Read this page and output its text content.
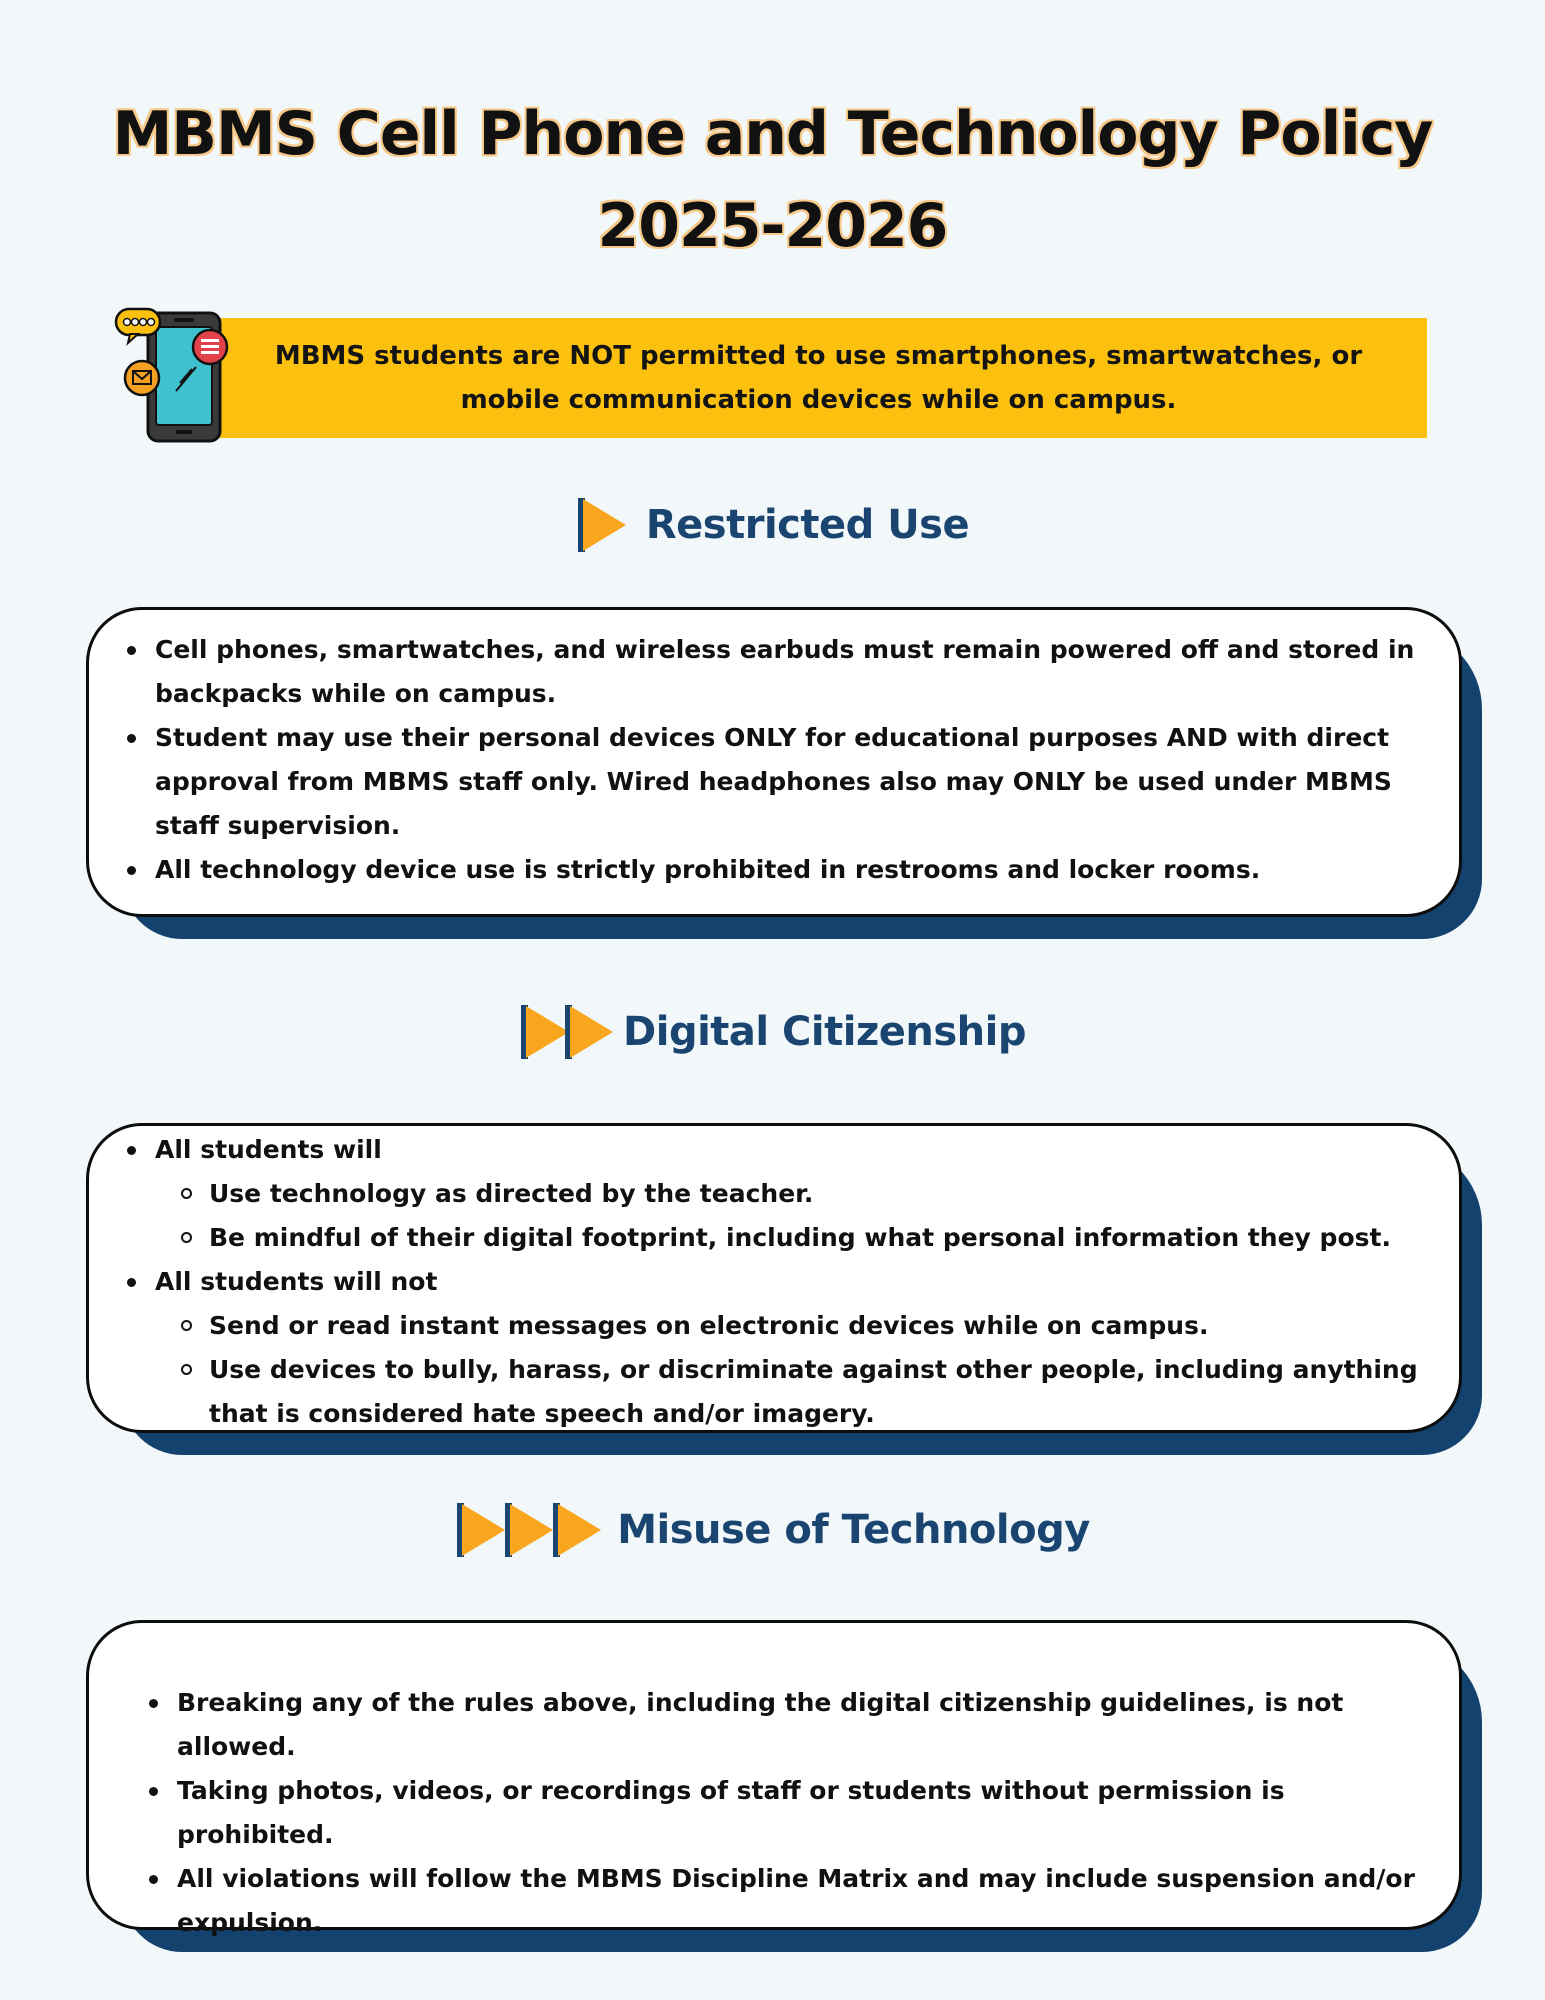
MBMS Cell Phone and Technology Policy
2025-2026
MBMS students are NOT permitted to use smartphones, smartwatches, or mobile communication devices while on campus.
Restricted Use
Cell phones, smartwatches, and wireless earbuds must remain powered off and stored in backpacks while on campus.
Student may use their personal devices ONLY for educational purposes AND with direct approval from MBMS staff only. Wired headphones also may ONLY be used under MBMS staff supervision.
All technology device use is strictly prohibited in restrooms and locker rooms.
Digital Citizenship
All students will
Use technology as directed by the teacher.
Be mindful of their digital footprint, including what personal information they post.
All students will not
Send or read instant messages on electronic devices while on campus.
Use devices to bully, harass, or discriminate against other people, including anything that is considered hate speech and/or imagery.
Misuse of Technology
Breaking any of the rules above, including the digital citizenship guidelines, is not allowed.
Taking photos, videos, or recordings of staff or students without permission is prohibited.
All violations will follow the MBMS Discipline Matrix and may include suspension and/or expulsion.
